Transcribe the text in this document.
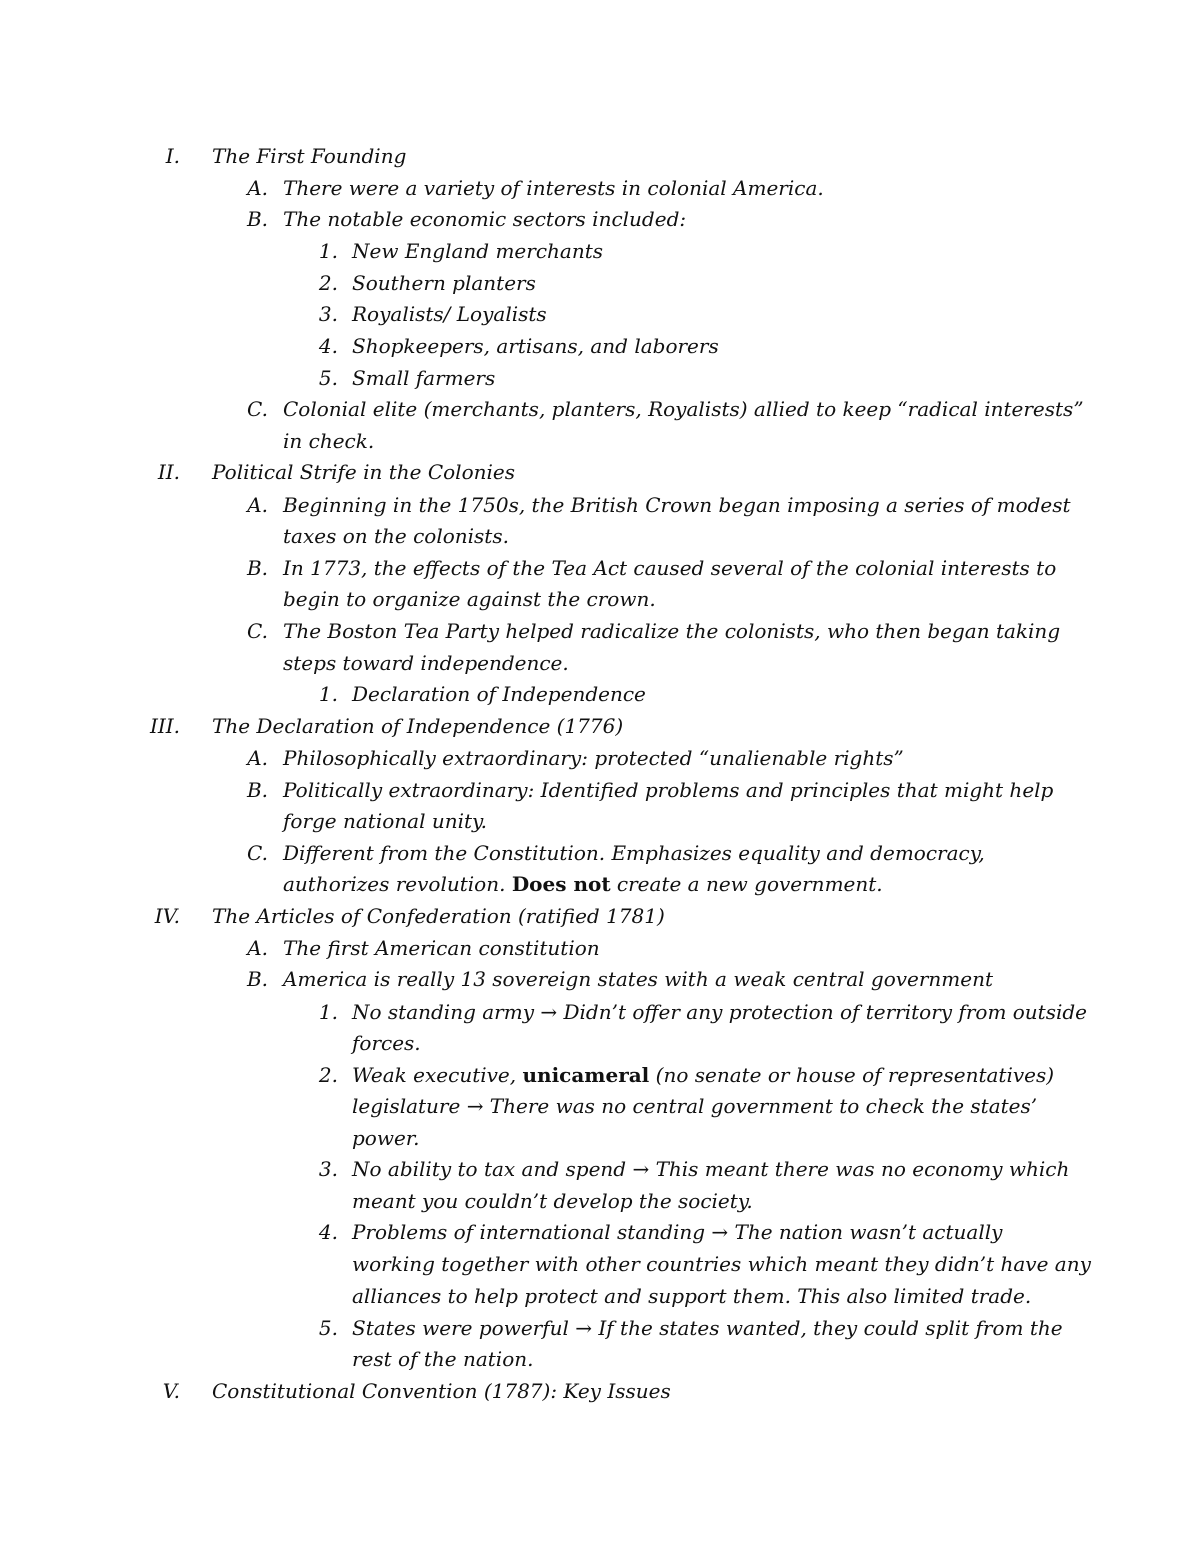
I. The First Founding
A. There were a variety of interests in colonial America.
B. The notable economic sectors included:
1. New England merchants
2. Southern planters
3. Royalists/ Loyalists
4. Shopkeepers, artisans, and laborers
5. Small farmers
C. Colonial elite (merchants, planters, Royalists) allied to keep “radical interests”
in check.
II. Political Strife in the Colonies
A. Beginning in the 1750s, the British Crown began imposing a series of modest
taxes on the colonists.
B. In 1773, the effects of the Tea Act caused several of the colonial interests to
begin to organize against the crown.
C. The Boston Tea Party helped radicalize the colonists, who then began taking
steps toward independence.
1. Declaration of Independence
III. The Declaration of Independence (1776)
A. Philosophically extraordinary: protected “unalienable rights”
B. Politically extraordinary: Identified problems and principles that might help
forge national unity.
C. Different from the Constitution. Emphasizes equality and democracy,
authorizes revolution. Does not create a new government.
IV. The Articles of Confederation (ratified 1781)
A. The first American constitution
B. America is really 13 sovereign states with a weak central government
1. No standing army → Didn’t offer any protection of territory from outside
forces.
2. Weak executive, unicameral (no senate or house of representatives)
legislature → There was no central government to check the states’
power.
3. No ability to tax and spend → This meant there was no economy which
meant you couldn’t develop the society.
4. Problems of international standing → The nation wasn’t actually
working together with other countries which meant they didn’t have any
alliances to help protect and support them. This also limited trade.
5. States were powerful → If the states wanted, they could split from the
rest of the nation.
V. Constitutional Convention (1787): Key Issues
